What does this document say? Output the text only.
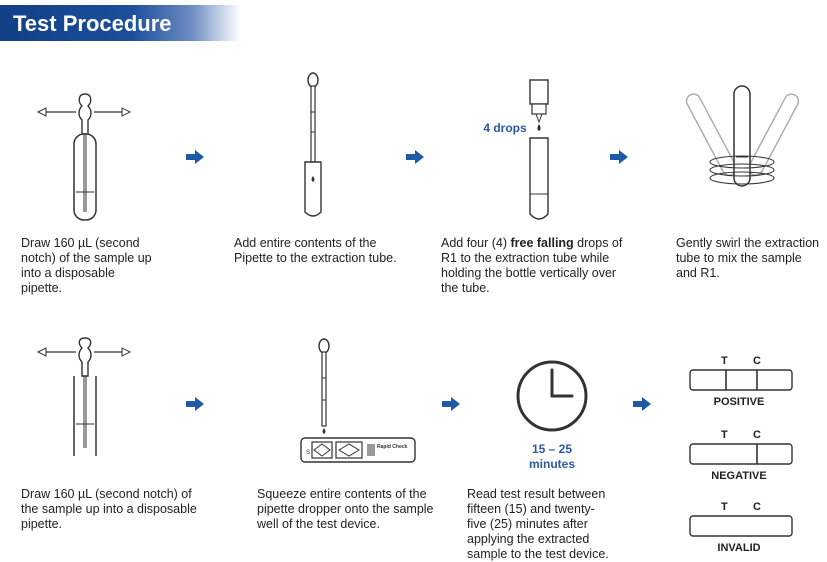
Test Procedure
Draw 160 µL (second notch) of the sample up into a disposable pipette.
Add entire contents of the Pipette to the extraction tube.
4 drops
Add four (4) free falling drops of R1 to the extraction tube while holding the bottle vertically over the tube.
Gently swirl the extraction tube to mix the sample and R1.
Draw 160 µL (second notch) of the sample up into a disposable pipette.
S
Rapid Check
Squeeze entire contents of the pipette dropper onto the sample well of the test device.
15 – 25 minutes
Read test result between fifteen (15) and twenty-five (25) minutes after applying the extracted sample to the test device.
T C
POSITIVE
T C
NEGATIVE
T C
INVALID
